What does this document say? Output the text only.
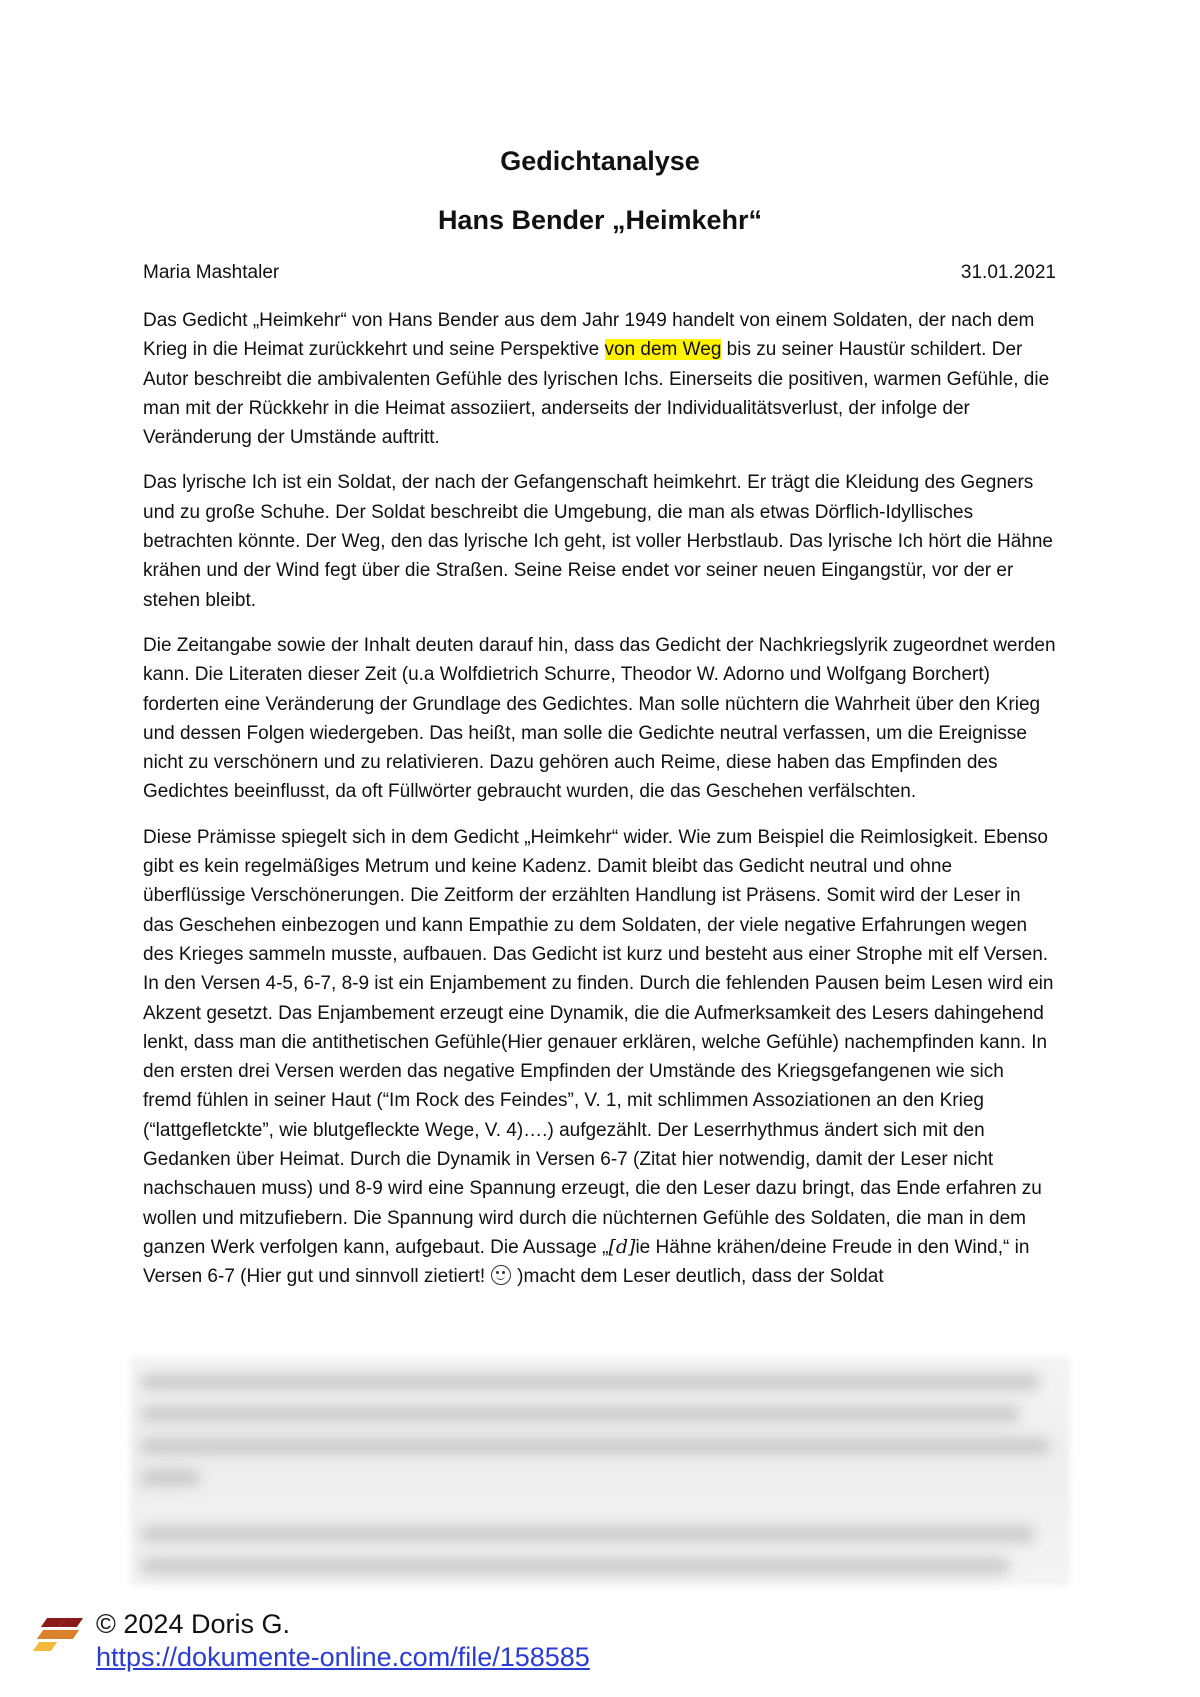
Gedichtanalyse
Hans Bender „Heimkehr“
Maria Mashtaler	31.01.2021

Das Gedicht „Heimkehr“ von Hans Bender aus dem Jahr 1949 handelt von einem Soldaten, der nach dem Krieg in die Heimat zurückkehrt und seine Perspektive von dem Weg bis zu seiner Haustür schildert. Der Autor beschreibt die ambivalenten Gefühle des lyrischen Ichs. Einerseits die positiven, warmen Gefühle, die man mit der Rückkehr in die Heimat assoziiert, anderseits der Individualitätsverlust, der infolge der Veränderung der Umstände auftritt.

Das lyrische Ich ist ein Soldat, der nach der Gefangenschaft heimkehrt. Er trägt die Kleidung des Gegners und zu große Schuhe. Der Soldat beschreibt die Umgebung, die man als etwas Dörflich-Idyllisches betrachten könnte. Der Weg, den das lyrische Ich geht, ist voller Herbstlaub. Das lyrische Ich hört die Hähne krähen und der Wind fegt über die Straßen. Seine Reise endet vor seiner neuen Eingangstür, vor der er stehen bleibt.

Die Zeitangabe sowie der Inhalt deuten darauf hin, dass das Gedicht der Nachkriegslyrik zugeordnet werden kann. Die Literaten dieser Zeit (u.a Wolfdietrich Schurre, Theodor W. Adorno und Wolfgang Borchert) forderten eine Veränderung der Grundlage des Gedichtes. Man solle nüchtern die Wahrheit über den Krieg und dessen Folgen wiedergeben. Das heißt, man solle die Gedichte neutral verfassen, um die Ereignisse nicht zu verschönern und zu relativieren. Dazu gehören auch Reime, diese haben das Empfinden des Gedichtes beeinflusst, da oft Füllwörter gebraucht wurden, die das Geschehen verfälschten.

Diese Prämisse spiegelt sich in dem Gedicht „Heimkehr“ wider. Wie zum Beispiel die Reimlosigkeit. Ebenso gibt es kein regelmäßiges Metrum und keine Kadenz. Damit bleibt das Gedicht neutral und ohne überflüssige Verschönerungen. Die Zeitform der erzählten Handlung ist Präsens. Somit wird der Leser in das Geschehen einbezogen und kann Empathie zu dem Soldaten, der viele negative Erfahrungen wegen des Krieges sammeln musste, aufbauen. Das Gedicht ist kurz und besteht aus einer Strophe mit elf Versen. In den Versen 4-5, 6-7, 8-9 ist ein Enjambement zu finden. Durch die fehlenden Pausen beim Lesen wird ein Akzent gesetzt. Das Enjambement erzeugt eine Dynamik, die die Aufmerksamkeit des Lesers dahingehend lenkt, dass man die antithetischen Gefühle(Hier genauer erklären, welche Gefühle) nachempfinden kann. In den ersten drei Versen werden das negative Empfinden der Umstände des Kriegsgefangenen wie sich fremd fühlen in seiner Haut (“Im Rock des Feindes”, V. 1, mit schlimmen Assoziationen an den Krieg (“lattgefletckte”, wie blutgefleckte Wege, V. 4)….) aufgezählt. Der Leserrhythmus ändert sich mit den Gedanken über Heimat. Durch die Dynamik in Versen 6-7 (Zitat hier notwendig, damit der Leser nicht nachschauen muss) und 8-9 wird eine Spannung erzeugt, die den Leser dazu bringt, das Ende erfahren zu wollen und mitzufiebern. Die Spannung wird durch die nüchternen Gefühle des Soldaten, die man in dem ganzen Werk verfolgen kann, aufgebaut. Die Aussage „[d]ie Hähne krähen/deine Freude in den Wind,“ in Versen 6-7 (Hier gut und sinnvoll zietiert! )macht dem Leser deutlich, dass der Soldat

© 2024 Doris G.
https://dokumente-online.com/file/158585
